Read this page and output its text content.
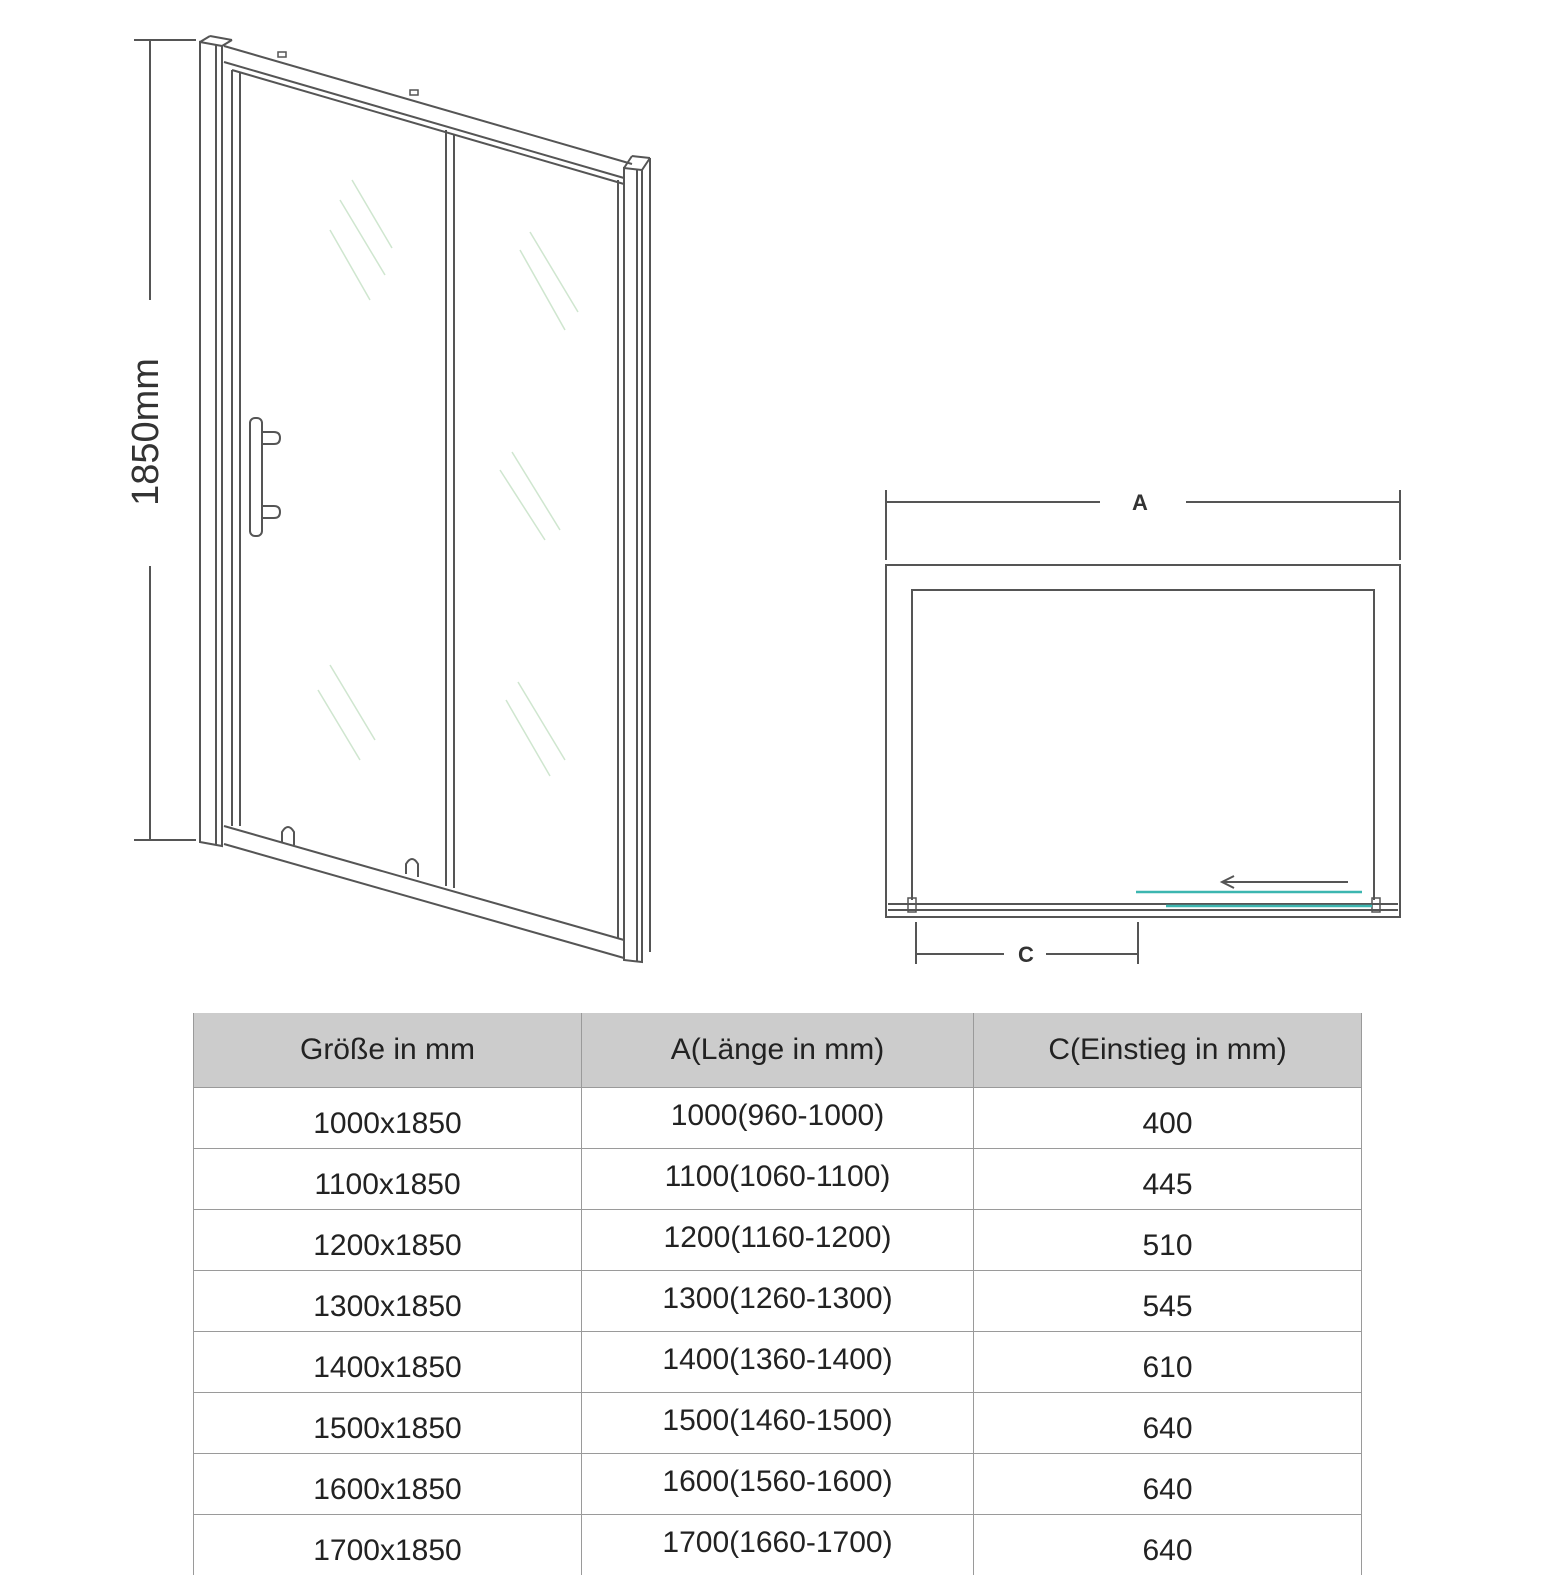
1850mm	A
C
Größe in mm	A(Länge in mm)	C(Einstieg in mm)
1000x1850	1000(960-1000)	400
1100x1850	1100(1060-1100)	445
1200x1850	1200(1160-1200)	510
1300x1850	1300(1260-1300)	545
1400x1850	1400(1360-1400)	610
1500x1850	1500(1460-1500)	640
1600x1850	1600(1560-1600)	640
1700x1850	1700(1660-1700)	640
